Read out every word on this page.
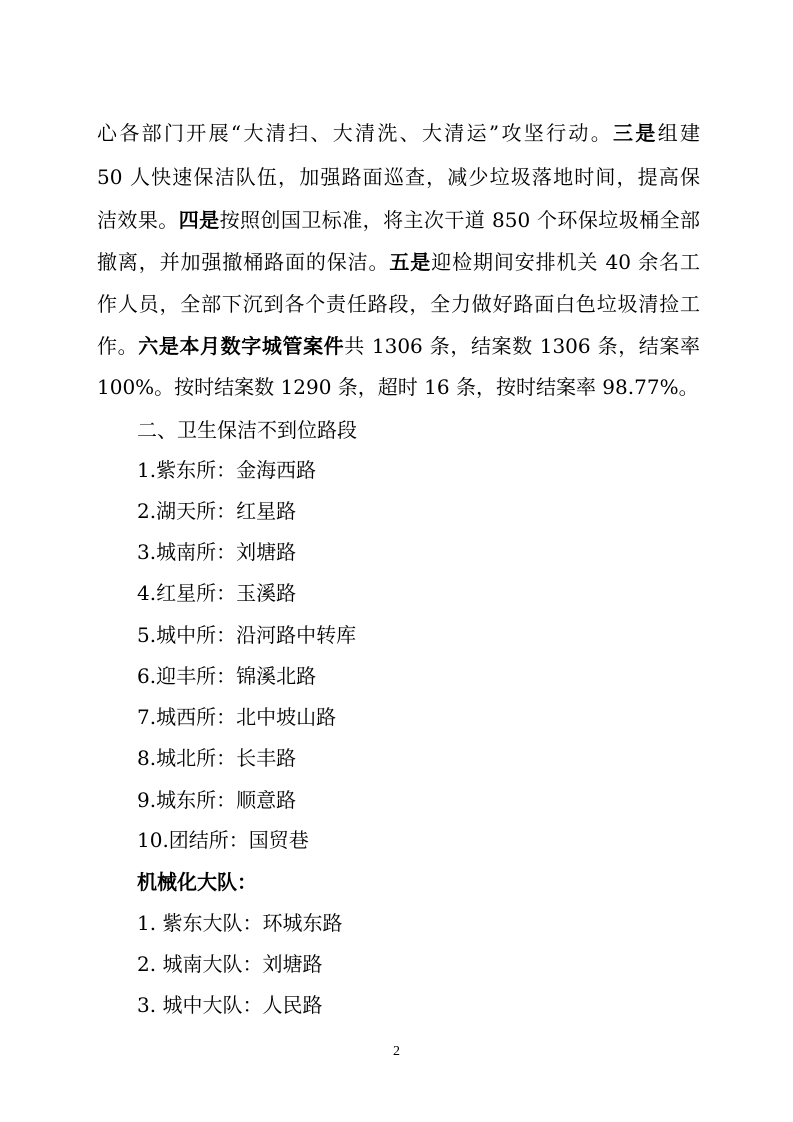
心各部门开展“大清扫、大清洗、大清运”攻坚行动。三是组建
50 人快速保洁队伍，加强路面巡查，减少垃圾落地时间，提高保
洁效果。四是按照创国卫标准，将主次干道 850 个环保垃圾桶全部
撤离，并加强撤桶路面的保洁。五是迎检期间安排机关 40 余名工
作人员，全部下沉到各个责任路段，全力做好路面白色垃圾清捡工
作。六是本月数字城管案件共 1306 条，结案数 1306 条，结案率
100%。按时结案数 1290 条，超时 16 条，按时结案率 98.77%。
二、卫生保洁不到位路段
1.紫东所：金海西路
2.湖天所：红星路
3.城南所：刘塘路
4.红星所：玉溪路
5.城中所：沿河路中转库
6.迎丰所：锦溪北路
7.城西所：北中坡山路
8.城北所：长丰路
9.城东所：顺意路
10.团结所：国贸巷
机械化大队：
1. 紫东大队：环城东路
2. 城南大队：刘塘路
3. 城中大队：人民路
2
